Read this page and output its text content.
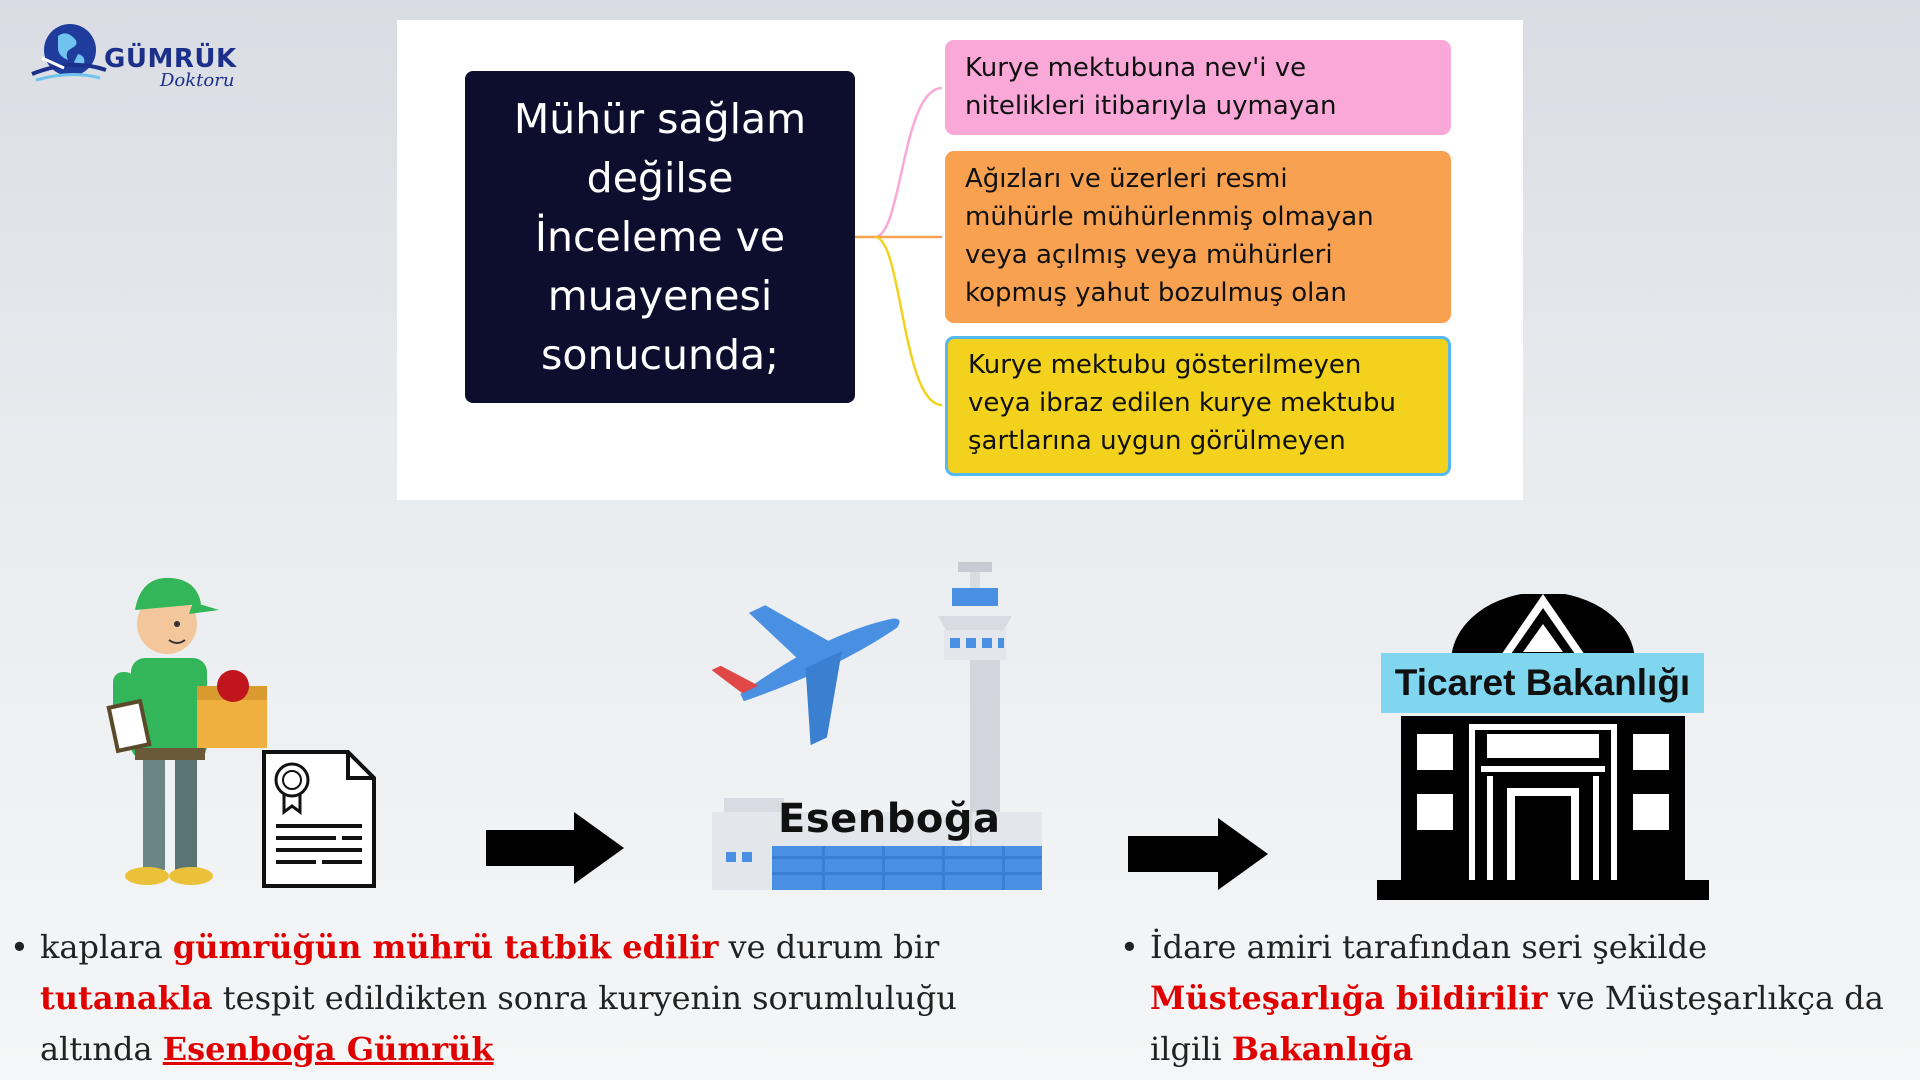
GÜMRÜK
Doktoru
Mühür sağlam
değilse
İnceleme ve
muayenesi
sonucunda;
Kurye mektubuna nev'i ve
nitelikleri itibarıyla uymayan
Ağızları ve üzerleri resmi
mühürle mühürlenmiş olmayan
veya açılmış veya mühürleri
kopmuş yahut bozulmuş olan
Kurye mektubu gösterilmeyen
veya ibraz edilen kurye mektubu
şartlarına uygun görülmeyen
Esenboğa
Ticaret Bakanlığı
• kaplara gümrüğün mührü tatbik edilir ve durum bir tutanakla tespit edildikten sonra kuryenin sorumluluğu altında Esenboğa Gümrük
• İdare amiri tarafından seri şekilde Müsteşarlığa bildirilir ve Müsteşarlıkça da ilgili Bakanlığa
